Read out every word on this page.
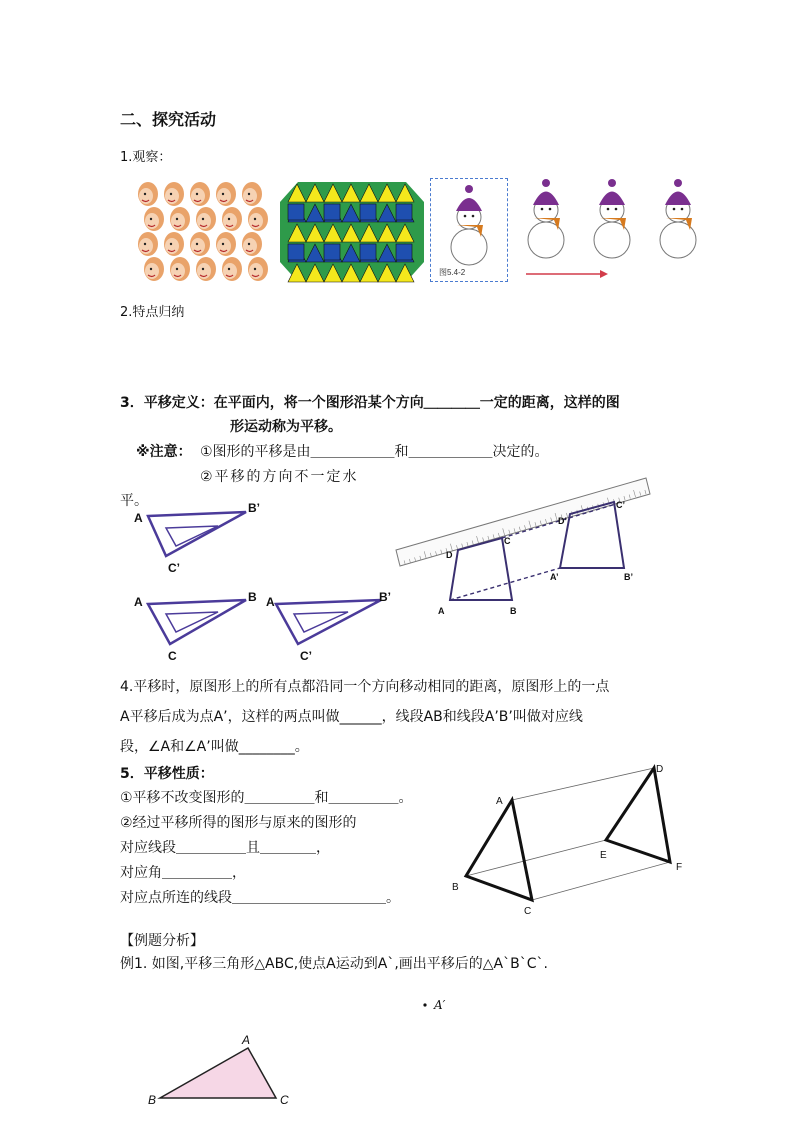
二、探究活动
1.观察：
图5.4-2
2.特点归纳
3．平移定义：在平面内，将一个图形沿某个方向＿＿＿＿一定的距离，这样的图
形运动称为平移。
※注意： ①图形的平移是由＿＿＿＿＿＿和＿＿＿＿＿＿决定的。
②平移的方向不一定水
平。
A
B’
C’
A	B
C
A	B’
C’
A	B
C
D
A’	B’
C’
D’
4.平移时，原图形上的所有点都沿同一个方向移动相同的距离，原图形上的一点
A平移后成为点A’，这样的两点叫做______，线段AB和线段A’B’叫做对应线
段，∠A和∠A’叫做________。
5．平移性质：
①平移不改变图形的＿＿＿＿＿和＿＿＿＿＿。
②经过平移所得的图形与原来的图形的
对应线段＿＿＿＿＿且＿＿＿＿，
对应角＿＿＿＿＿，
对应点所连的线段＿＿＿＿＿＿＿＿＿＿＿。
A
B
C
D
E
F
【例题分析】
例1. 如图,平移三角形△ABC,使点A运动到A`,画出平移后的△A`B`C`.
A′
A
B	C
